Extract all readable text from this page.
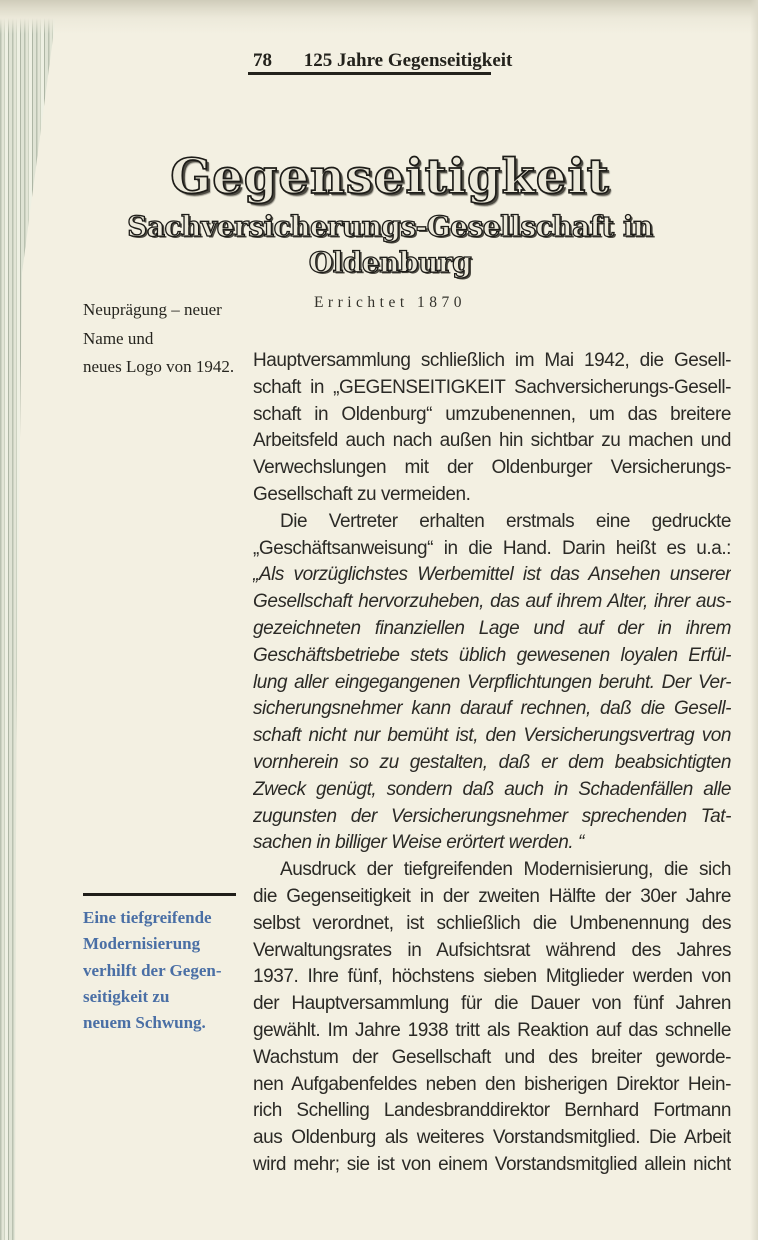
78 125 Jahre Gegenseitigkeit
Gegenseitigkeit
Sachversicherungs-Gesellschaft in Oldenburg
Errichtet 1870
Neuprägung – neuer
Name und
neues Logo von 1942.
Eine tiefgreifende
Modernisierung
verhilft der Gegen-
seitigkeit zu
neuem Schwung.
Hauptversammlung schließlich im Mai 1942, die Gesell-
schaft in „GEGENSEITIGKEIT Sachversicherungs-Gesell-
schaft in Oldenburg“ umzubenennen, um das breitere
Arbeitsfeld auch nach außen hin sichtbar zu machen und
Verwechslungen mit der Oldenburger Versicherungs-
Gesellschaft zu vermeiden.
Die Vertreter erhalten erstmals eine gedruckte
„Geschäftsanweisung“ in die Hand. Darin heißt es u.a.:
„Als vorzüglichstes Werbemittel ist das Ansehen unserer
Gesellschaft hervorzuheben, das auf ihrem Alter, ihrer aus-
gezeichneten finanziellen Lage und auf der in ihrem
Geschäftsbetriebe stets üblich gewesenen loyalen Erfül-
lung aller eingegangenen Verpflichtungen beruht. Der Ver-
sicherungsnehmer kann darauf rechnen, daß die Gesell-
schaft nicht nur bemüht ist, den Versicherungsvertrag von
vornherein so zu gestalten, daß er dem beabsichtigten
Zweck genügt, sondern daß auch in Schadenfällen alle
zugunsten der Versicherungsnehmer sprechenden Tat-
sachen in billiger Weise erörtert werden. “
Ausdruck der tiefgreifenden Modernisierung, die sich
die Gegenseitigkeit in der zweiten Hälfte der 30er Jahre
selbst verordnet, ist schließlich die Umbenennung des
Verwaltungsrates in Aufsichtsrat während des Jahres
1937. Ihre fünf, höchstens sieben Mitglieder werden von
der Hauptversammlung für die Dauer von fünf Jahren
gewählt. Im Jahre 1938 tritt als Reaktion auf das schnelle
Wachstum der Gesellschaft und des breiter geworde-
nen Aufgabenfeldes neben den bisherigen Direktor Hein-
rich Schelling Landesbranddirektor Bernhard Fortmann
aus Oldenburg als weiteres Vorstandsmitglied. Die Arbeit
wird mehr; sie ist von einem Vorstandsmitglied allein nicht
